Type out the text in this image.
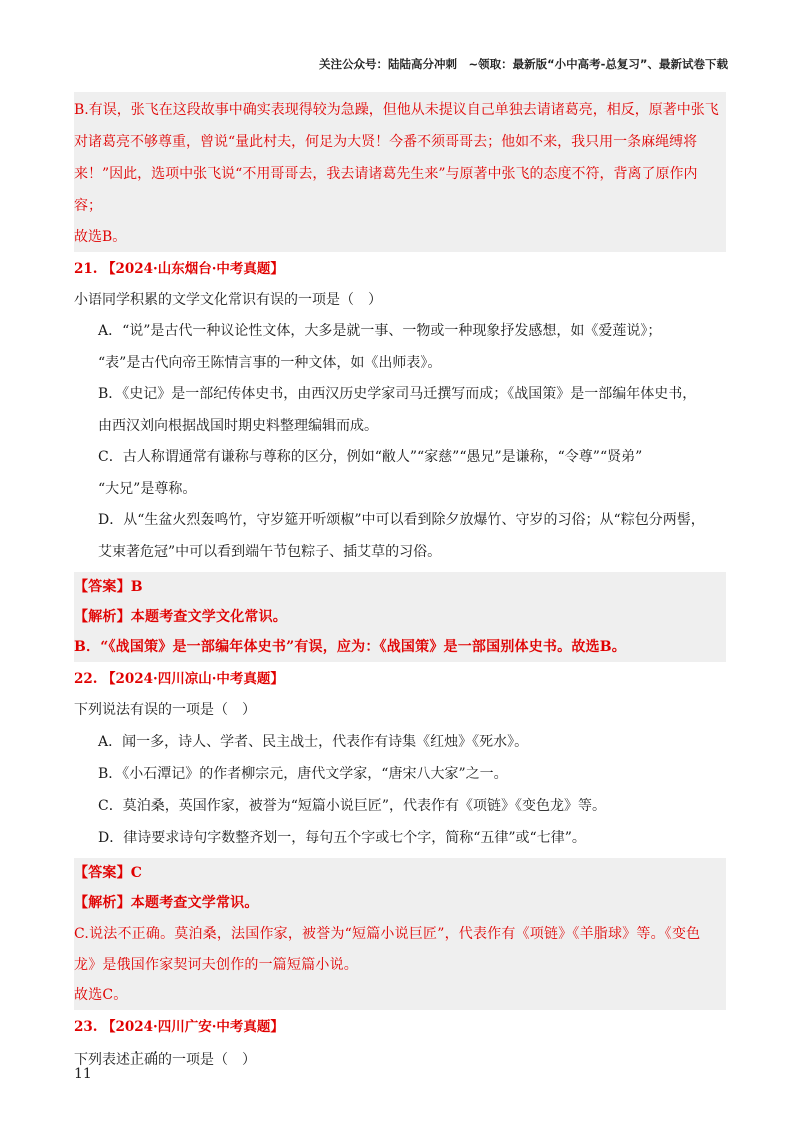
关注公众号：陆陆高分冲刺　~领取：最新版“小中高考-总复习”、最新试卷下载
B.有误，张飞在这段故事中确实表现得较为急躁，但他从未提议自己单独去请诸葛亮，相反，原著中张飞
对诸葛亮不够尊重，曾说“量此村夫，何足为大贤！今番不须哥哥去；他如不来，我只用一条麻绳缚将
来！”因此，选项中张飞说“不用哥哥去，我去请诸葛先生来”与原著中张飞的态度不符，背离了原作内
容；
故选B。
21. 【2024·山东烟台·中考真题】
小语同学积累的文学文化常识有误的一项是（　）
A．“说”是古代一种议论性文体，大多是就一事、一物或一种现象抒发感想，如《爱莲说》；
“表”是古代向帝王陈情言事的一种文体，如《出师表》。
B．《史记》是一部纪传体史书，由西汉历史学家司马迁撰写而成；《战国策》是一部编年体史书，
由西汉刘向根据战国时期史料整理编辑而成。
C．古人称谓通常有谦称与尊称的区分，例如“敝人”“家慈”“愚兄”是谦称，“令尊”“贤弟”
“大兄”是尊称。
D．从“生盆火烈轰鸣竹，守岁筵开听颂椒”中可以看到除夕放爆竹、守岁的习俗；从“粽包分两髻，
艾束著危冠”中可以看到端午节包粽子、插艾草的习俗。
【答案】B
【解析】本题考查文学文化常识。
B．“《战国策》是一部编年体史书”有误，应为：《战国策》是一部国别体史书。故选B。
22. 【2024·四川凉山·中考真题】
下列说法有误的一项是（　）
A．闻一多，诗人、学者、民主战士，代表作有诗集《红烛》《死水》。
B．《小石潭记》的作者柳宗元，唐代文学家，“唐宋八大家”之一。
C．莫泊桑，英国作家，被誉为“短篇小说巨匠”，代表作有《项链》《变色龙》等。
D．律诗要求诗句字数整齐划一，每句五个字或七个字，简称“五律”或“七律”。
【答案】C
【解析】本题考查文学常识。
C.说法不正确。莫泊桑，法国作家，被誉为“短篇小说巨匠”，代表作有《项链》《羊脂球》等。《变色
龙》是俄国作家契诃夫创作的一篇短篇小说。
故选C。
23. 【2024·四川广安·中考真题】
下列表述·  · 正确的一项是（　）
11
